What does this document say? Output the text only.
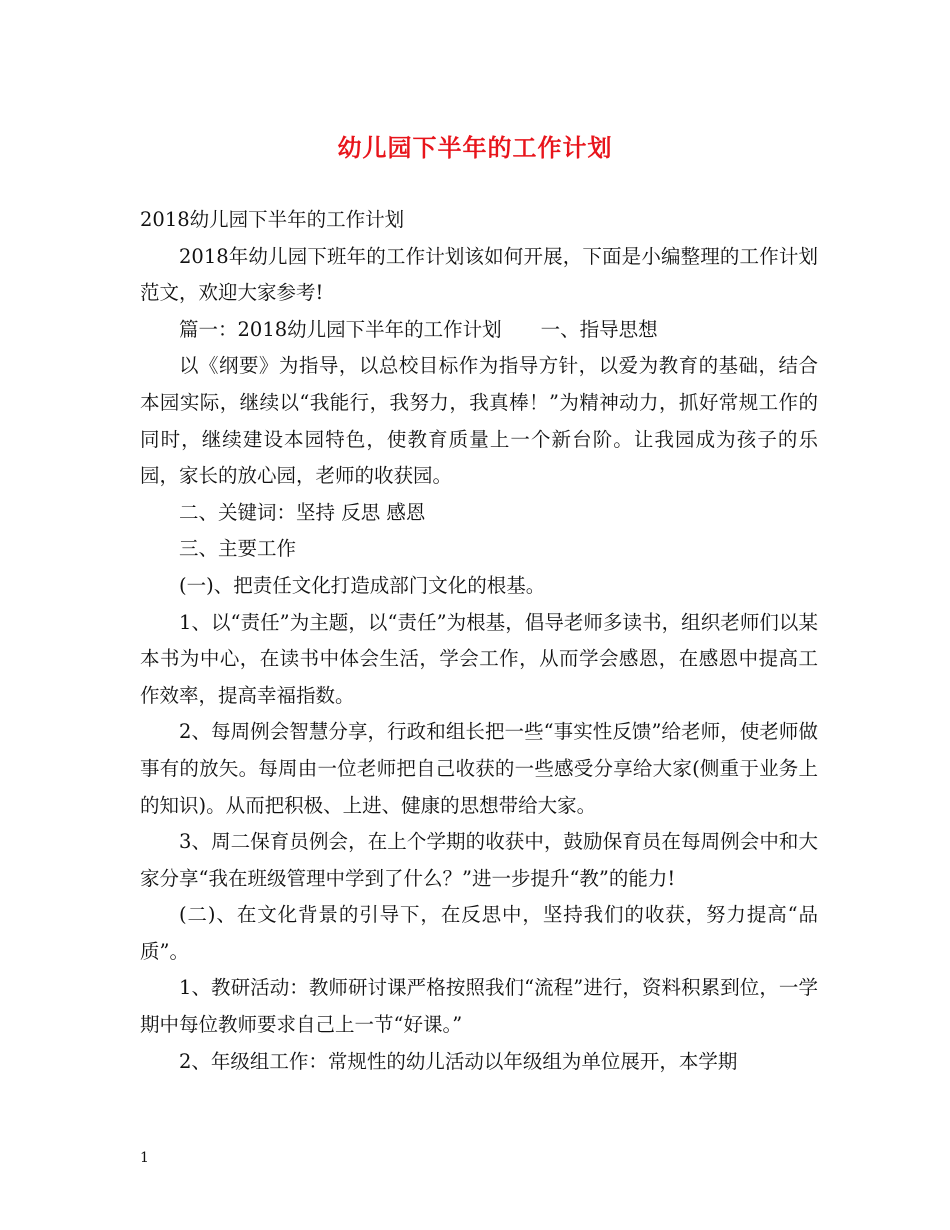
幼儿园下半年的工作计划

2018幼儿园下半年的工作计划

2018年幼儿园下班年的工作计划该如何开展，下面是小编整理的工作计划范文，欢迎大家参考!

篇一：2018幼儿园下半年的工作计划　　一、指导思想

以《纲要》为指导，以总校目标作为指导方针，以爱为教育的基础，结合本园实际，继续以“我能行，我努力，我真棒！”为精神动力，抓好常规工作的同时，继续建设本园特色，使教育质量上一个新台阶。让我园成为孩子的乐园，家长的放心园，老师的收获园。

二、关键词：坚持 反思 感恩

三、主要工作

(一)、把责任文化打造成部门文化的根基。

1、以“责任”为主题，以“责任”为根基，倡导老师多读书，组织老师们以某本书为中心，在读书中体会生活，学会工作，从而学会感恩，在感恩中提高工作效率，提高幸福指数。

2、每周例会智慧分享，行政和组长把一些“事实性反馈”给老师，使老师做事有的放矢。每周由一位老师把自己收获的一些感受分享给大家(侧重于业务上的知识)。从而把积极、上进、健康的思想带给大家。

3、周二保育员例会，在上个学期的收获中，鼓励保育员在每周例会中和大家分享“我在班级管理中学到了什么？”进一步提升“教”的能力!

(二)、在文化背景的引导下，在反思中，坚持我们的收获，努力提高“品质”。

1、教研活动：教师研讨课严格按照我们“流程”进行，资料积累到位，一学期中每位教师要求自己上一节“好课。”

2、年级组工作：常规性的幼儿活动以年级组为单位展开，本学期

1
